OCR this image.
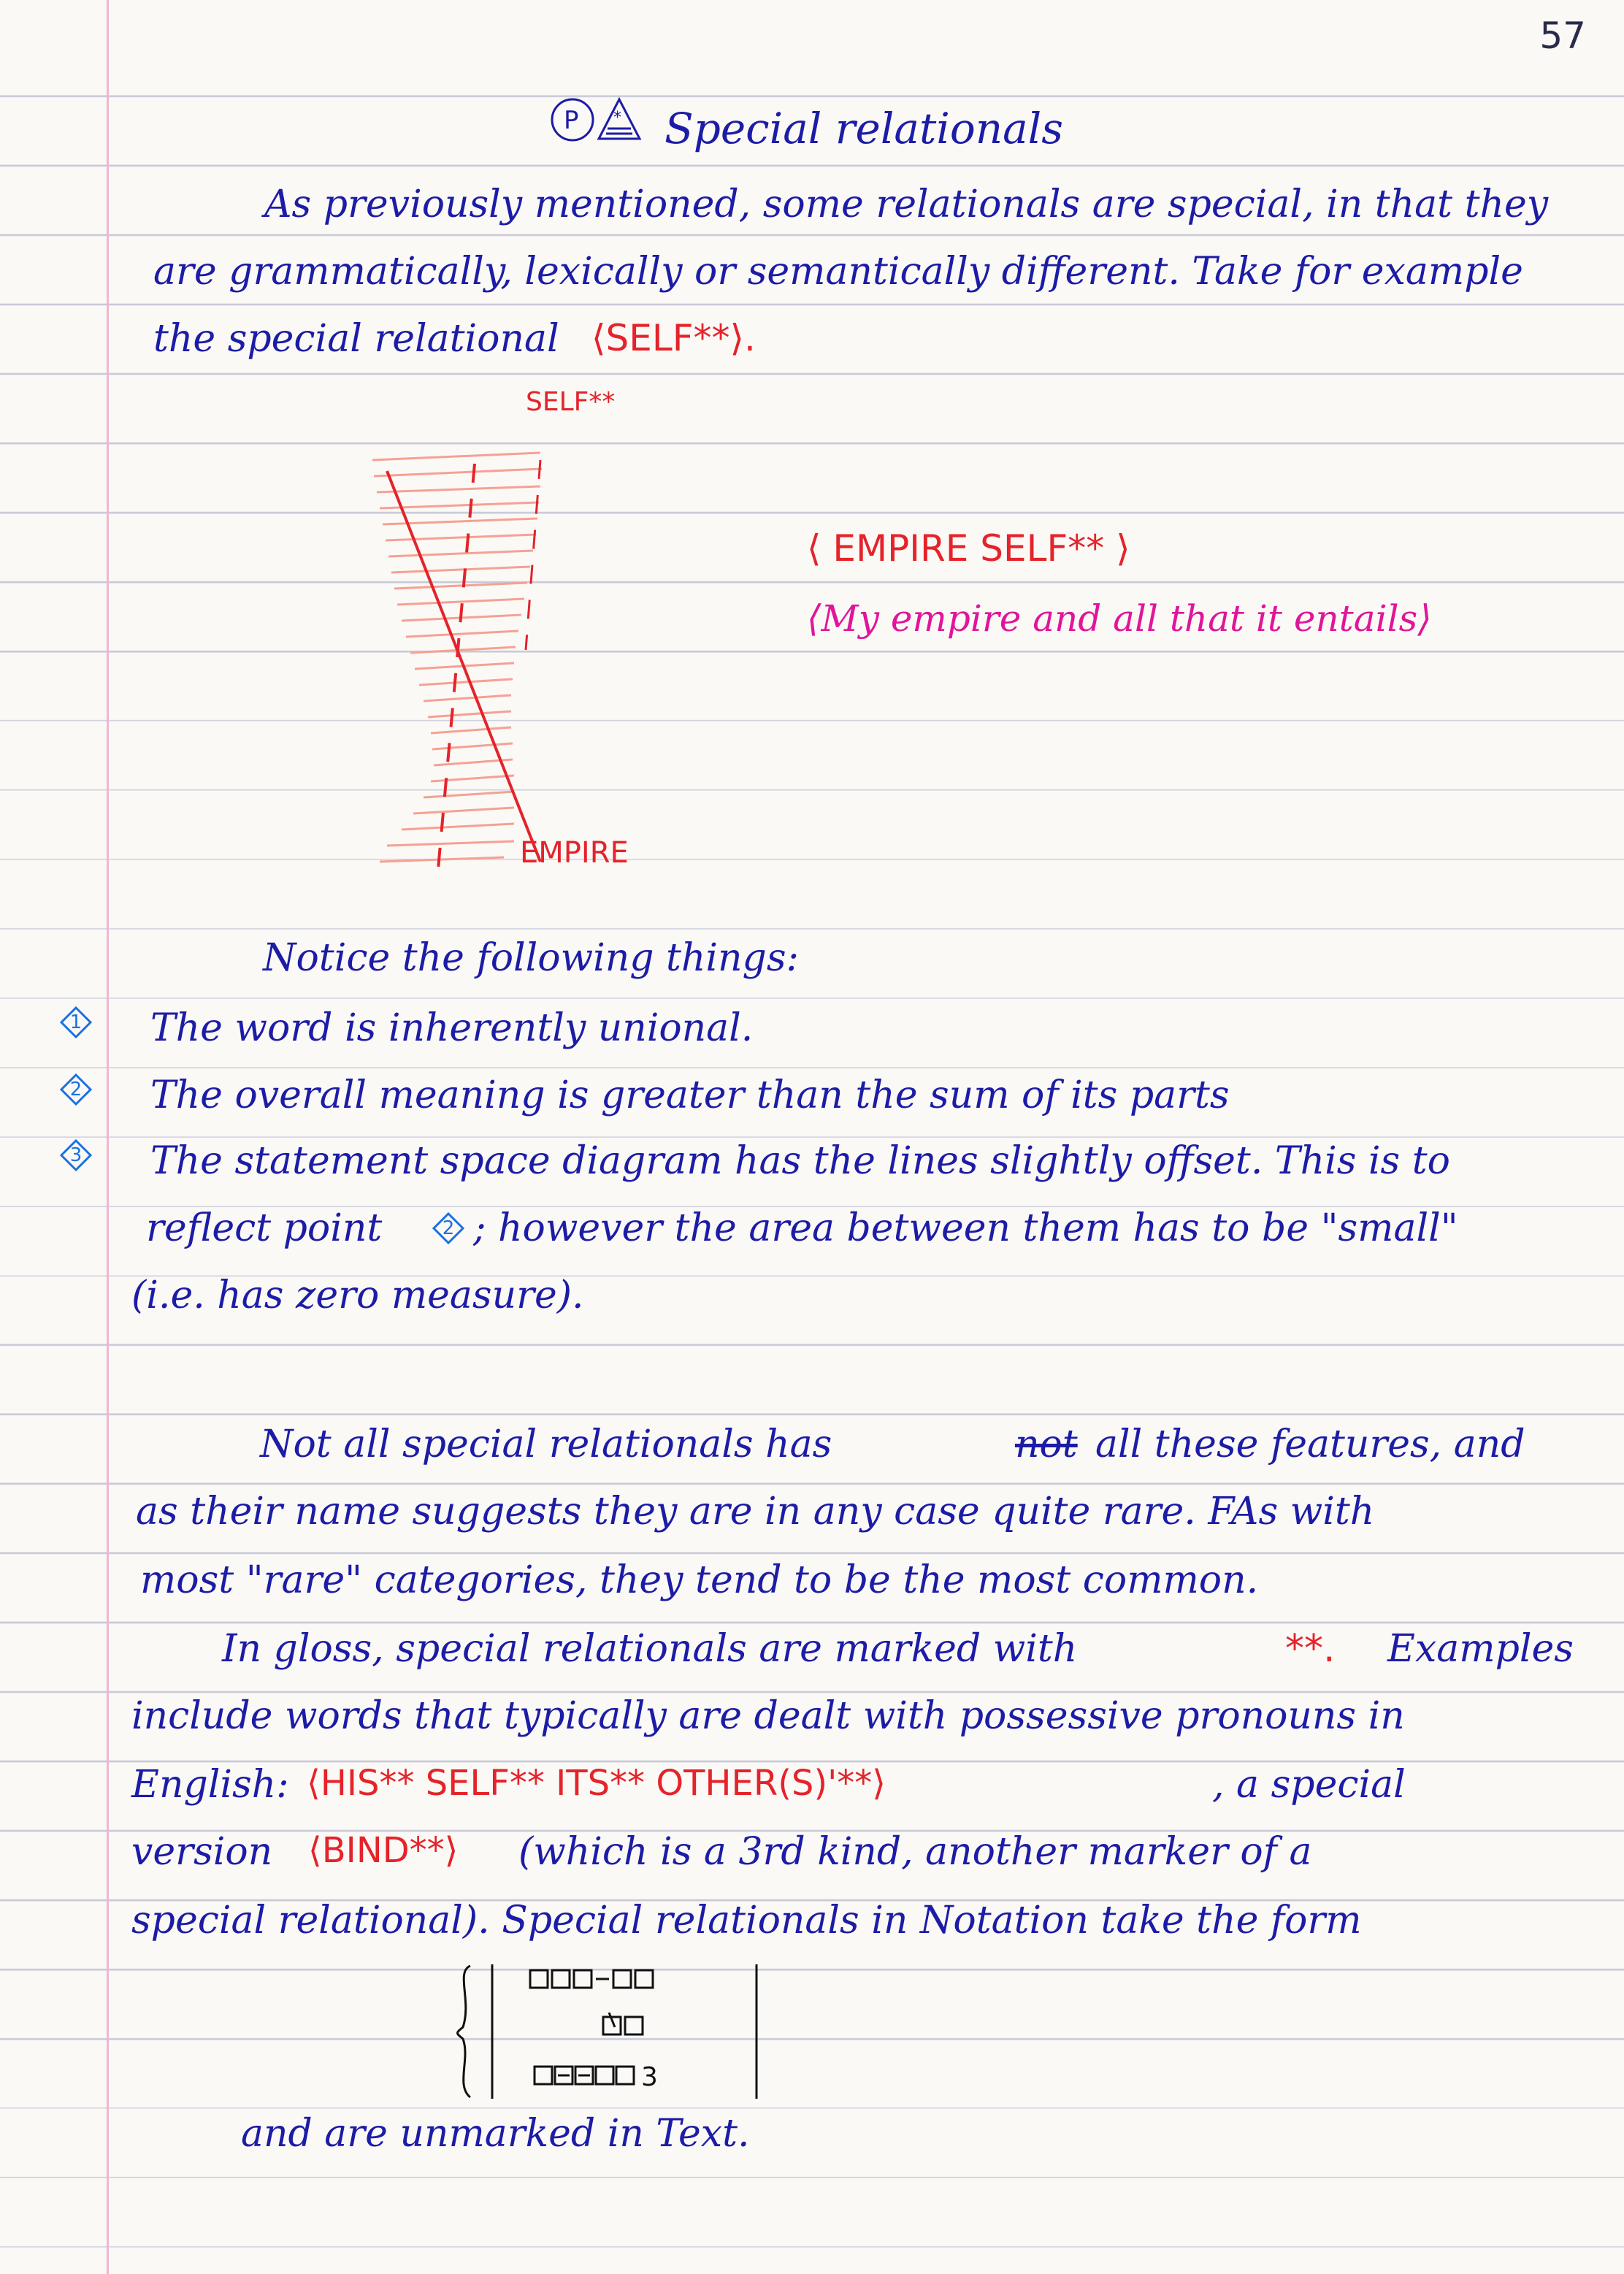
57
P * Special relationals
As previously mentioned, some relationals are special, in that they
are grammatically, lexically or semantically different. Take for example
the special relational ⟨SELF**⟩.
SELF**
EMPIRE
⟨ EMPIRE SELF** ⟩
⟨My empire and all that it entails⟩
Notice the following things:
1 The word is inherently unional.
2 The overall meaning is greater than the sum of its parts
3 The statement space diagram has the lines slightly offset. This is to
reflect point	2 ; however the area between them has to be "small"
(i.e. has zero measure).
Not all special relationals has	not all these features, and
as their name suggests they are in any case quite rare. FAs with
most "rare" categories, they tend to be the most common.
In gloss, special relationals are marked with	**. Examples
include words that typically are dealt with possessive pronouns in
English: ⟨HIS** SELF** ITS** OTHER(S)'**⟩	, a special
version ⟨BIND**⟩ (which is a 3rd kind, another marker of a
special relational). Special relationals in Notation take the form
3
and are unmarked in Text.
